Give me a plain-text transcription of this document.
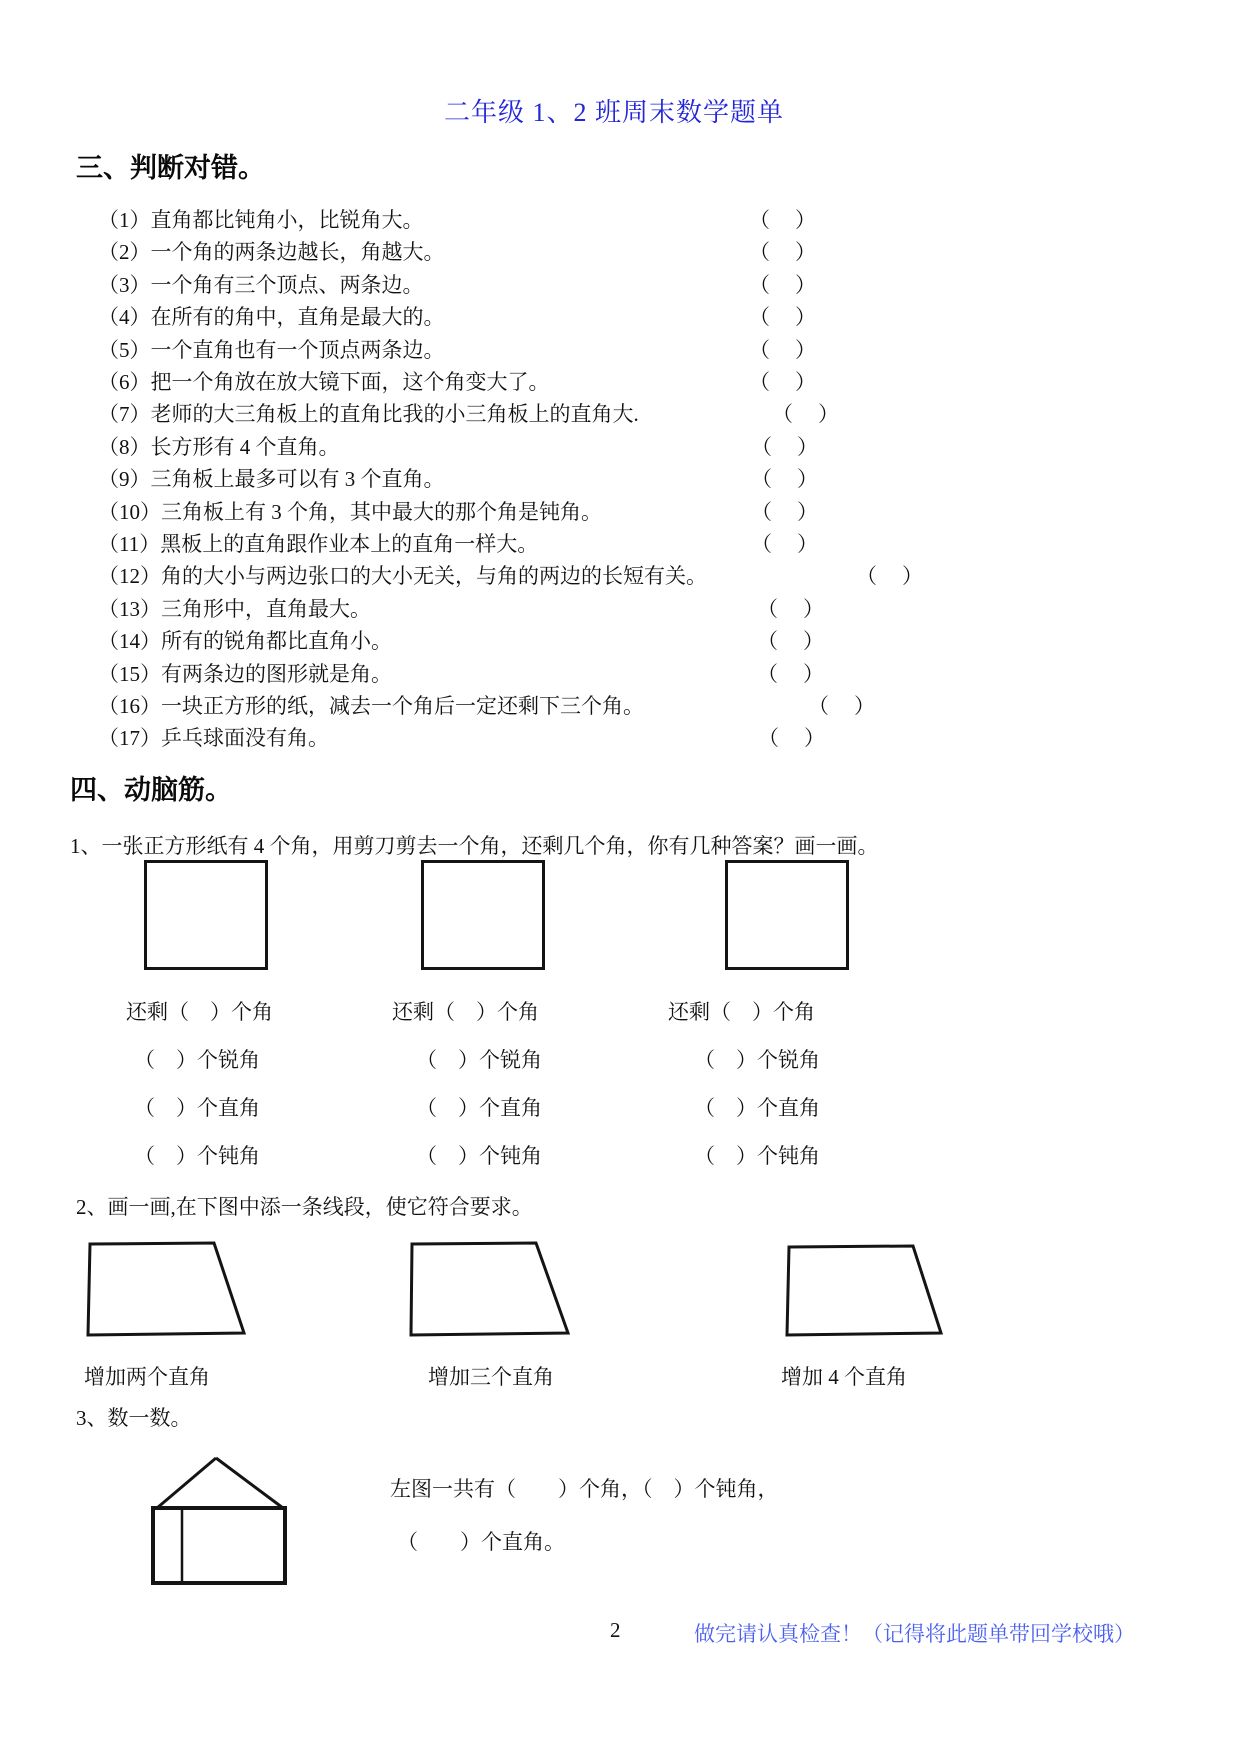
二年级 1、2 班周末数学题单
三、判断对错。
（1）直角都比钝角小，比锐角大。	（　）
（2）一个角的两条边越长，角越大。	（　）
（3）一个角有三个顶点、两条边。	（　）
（4）在所有的角中，直角是最大的。	（　）
（5）一个直角也有一个顶点两条边。	（　）
（6）把一个角放在放大镜下面，这个角变大了。	（　）
（7）老师的大三角板上的直角比我的小三角板上的直角大.	（　）
（8）长方形有 4 个直角。	（　）
（9）三角板上最多可以有 3 个直角。	（　）
（10）三角板上有 3 个角，其中最大的那个角是钝角。	（　）
（11）黑板上的直角跟作业本上的直角一样大。	（　）
（12）角的大小与两边张口的大小无关，与角的两边的长短有关。	（　）
（13）三角形中，直角最大。	（　）
（14）所有的锐角都比直角小。	（　）
（15）有两条边的图形就是角。	（　）
（16）一块正方形的纸，减去一个角后一定还剩下三个角。	（　）
（17）乒乓球面没有角。	（　）
四、动脑筋。
1、一张正方形纸有 4 个角，用剪刀剪去一个角，还剩几个角，你有几种答案？画一画。
还剩（　）个角	还剩（　）个角	还剩（　）个角
（　）个锐角	（　）个锐角	（　）个锐角
（　）个直角	（　）个直角	（　）个直角
（　）个钝角	（　）个钝角	（　）个钝角
2、画一画,在下图中添一条线段，使它符合要求。
增加两个直角	增加三个直角	增加 4 个直角
3、数一数。
左图一共有（　　）个角，（　）个钝角，
（　　）个直角。
2	做完请认真检查！（记得将此题单带回学校哦）
